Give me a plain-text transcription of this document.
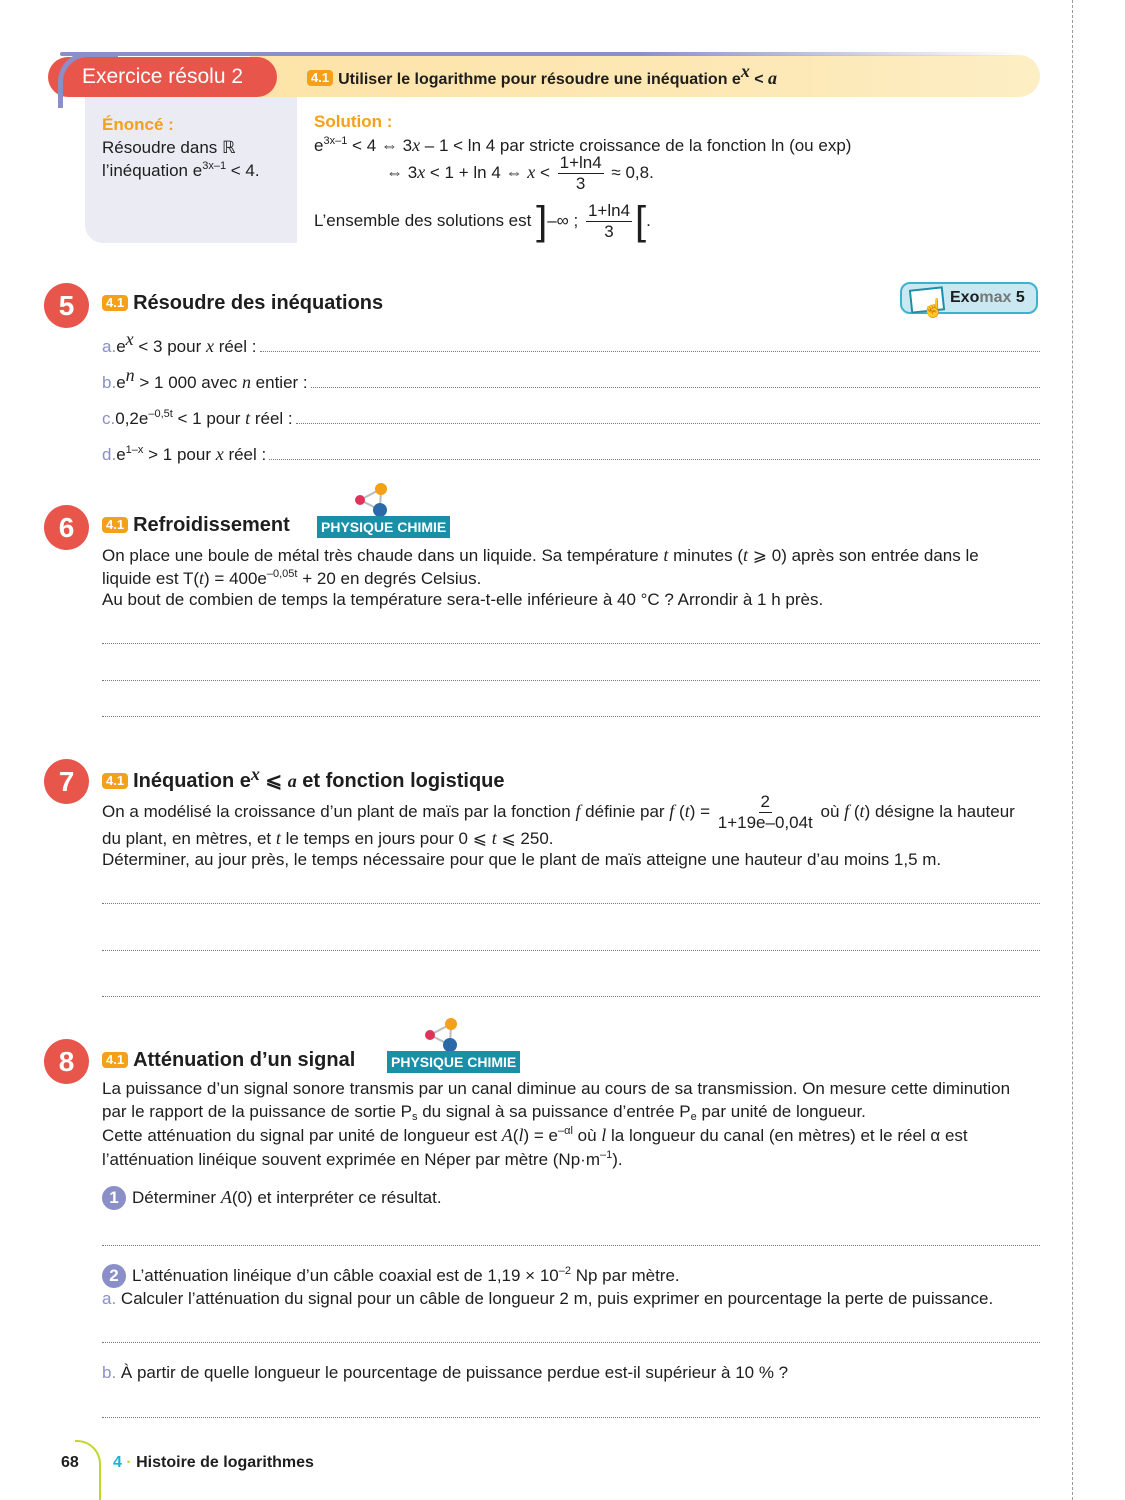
Exercice résolu 2	4.1 Utiliser le logarithme pour résoudre une inéquation $e^x < a$
Énoncé :
Résoudre dans ℝ
l’inéquation $e^{3x-1} < 4$.
Solution :
$e^{3x-1} < 4$ ⇔ 3x – 1 < ln 4 par stricte croissance de la fonction ln (ou exp)
⇔ 3x < 1 + ln 4 ⇔ $x < \frac{1+\ln 4}{3} \approx 0,8$.
L’ensemble des solutions est ]–∞ ; $\frac{1+\ln 4}{3}$ [.
5	4.1 Résoudre des inéquations	☝
Exomax 5
a. $e^x < 3$ pour x réel :
b. $e^n > 1$ 000 avec n entier :
c. $0,2e^{-0,5t} < 1$ pour t réel :
d. $e^{1-x} > 1$ pour x réel :
6	4.1 Refroidissement PHYSIQUE CHIMIE
On place une boule de métal très chaude dans un liquide. Sa température t minutes (t ⩾ 0) après son entrée dans le
liquide est $T(t) = 400e^{-0,05t} + 20$ en degrés Celsius.
Au bout de combien de temps la température sera-t-elle inférieure à 40 °C ? Arrondir à 1 h près.
7	4.1 Inéquation $e^x$ ⩽ a et fonction logistique
On a modélisé la croissance d’un plant de maïs par la fonction f définie par f $(t) = \frac{2}{1+19e-0,04t}$ où f (t) désigne la hauteur
du plant, en mètres, et t le temps en jours pour 0 ⩽ t ⩽ 250.
Déterminer, au jour près, le temps nécessaire pour que le plant de maïs atteigne une hauteur d’au moins 1,5 m.
8	4.1 Atténuation d’un signal	PHYSIQUE CHIMIE
La puissance d’un signal sonore transmis par un canal diminue au cours de sa transmission. On mesure cette diminution
par le rapport de la puissance de sortie $P_s$ du signal à sa puissance d’entrée $P_e$ par unité de longueur.
Cette atténuation du signal par unité de longueur est $A(l) = e^{-\alpha l}$ où l la longueur du canal (en mètres) et le réel α est
l’atténuation linéique souvent exprimée en Néper par mètre $(Np\cdot m^{-1})$.
1 Déterminer A(0) et interpréter ce résultat.
2 L’atténuation linéique d’un câble coaxial est de $1,19 \times 10^{-2}$ Np par mètre.
a. Calculer l’atténuation du signal pour un câble de longueur 2 m, puis exprimer en pourcentage la perte de puissance.
b. À partir de quelle longueur le pourcentage de puissance perdue est-il supérieur à 10 % ?
68 4 · Histoire de logarithmes
